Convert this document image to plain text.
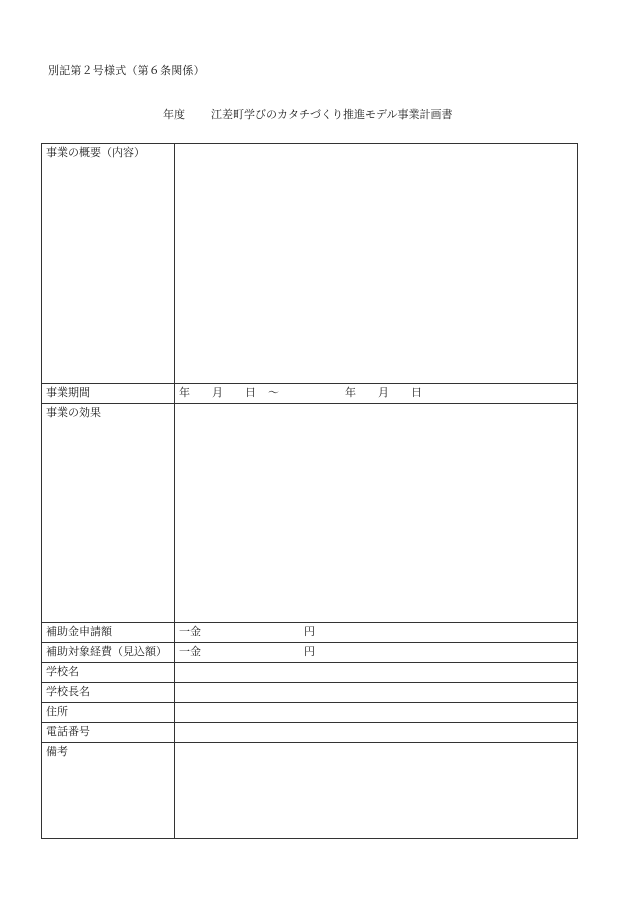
別記第２号様式（第６条関係）
年度 江差町学びのカタチづくり推進モデル事業計画書
事業の概要（内容）	
事業期間	年 月 日 ～ 年 月 日
事業の効果	
補助金申請額	一金 円
補助対象経費（見込額）	一金 円
学校名	
学校長名	
住所	
電話番号	
備考	
